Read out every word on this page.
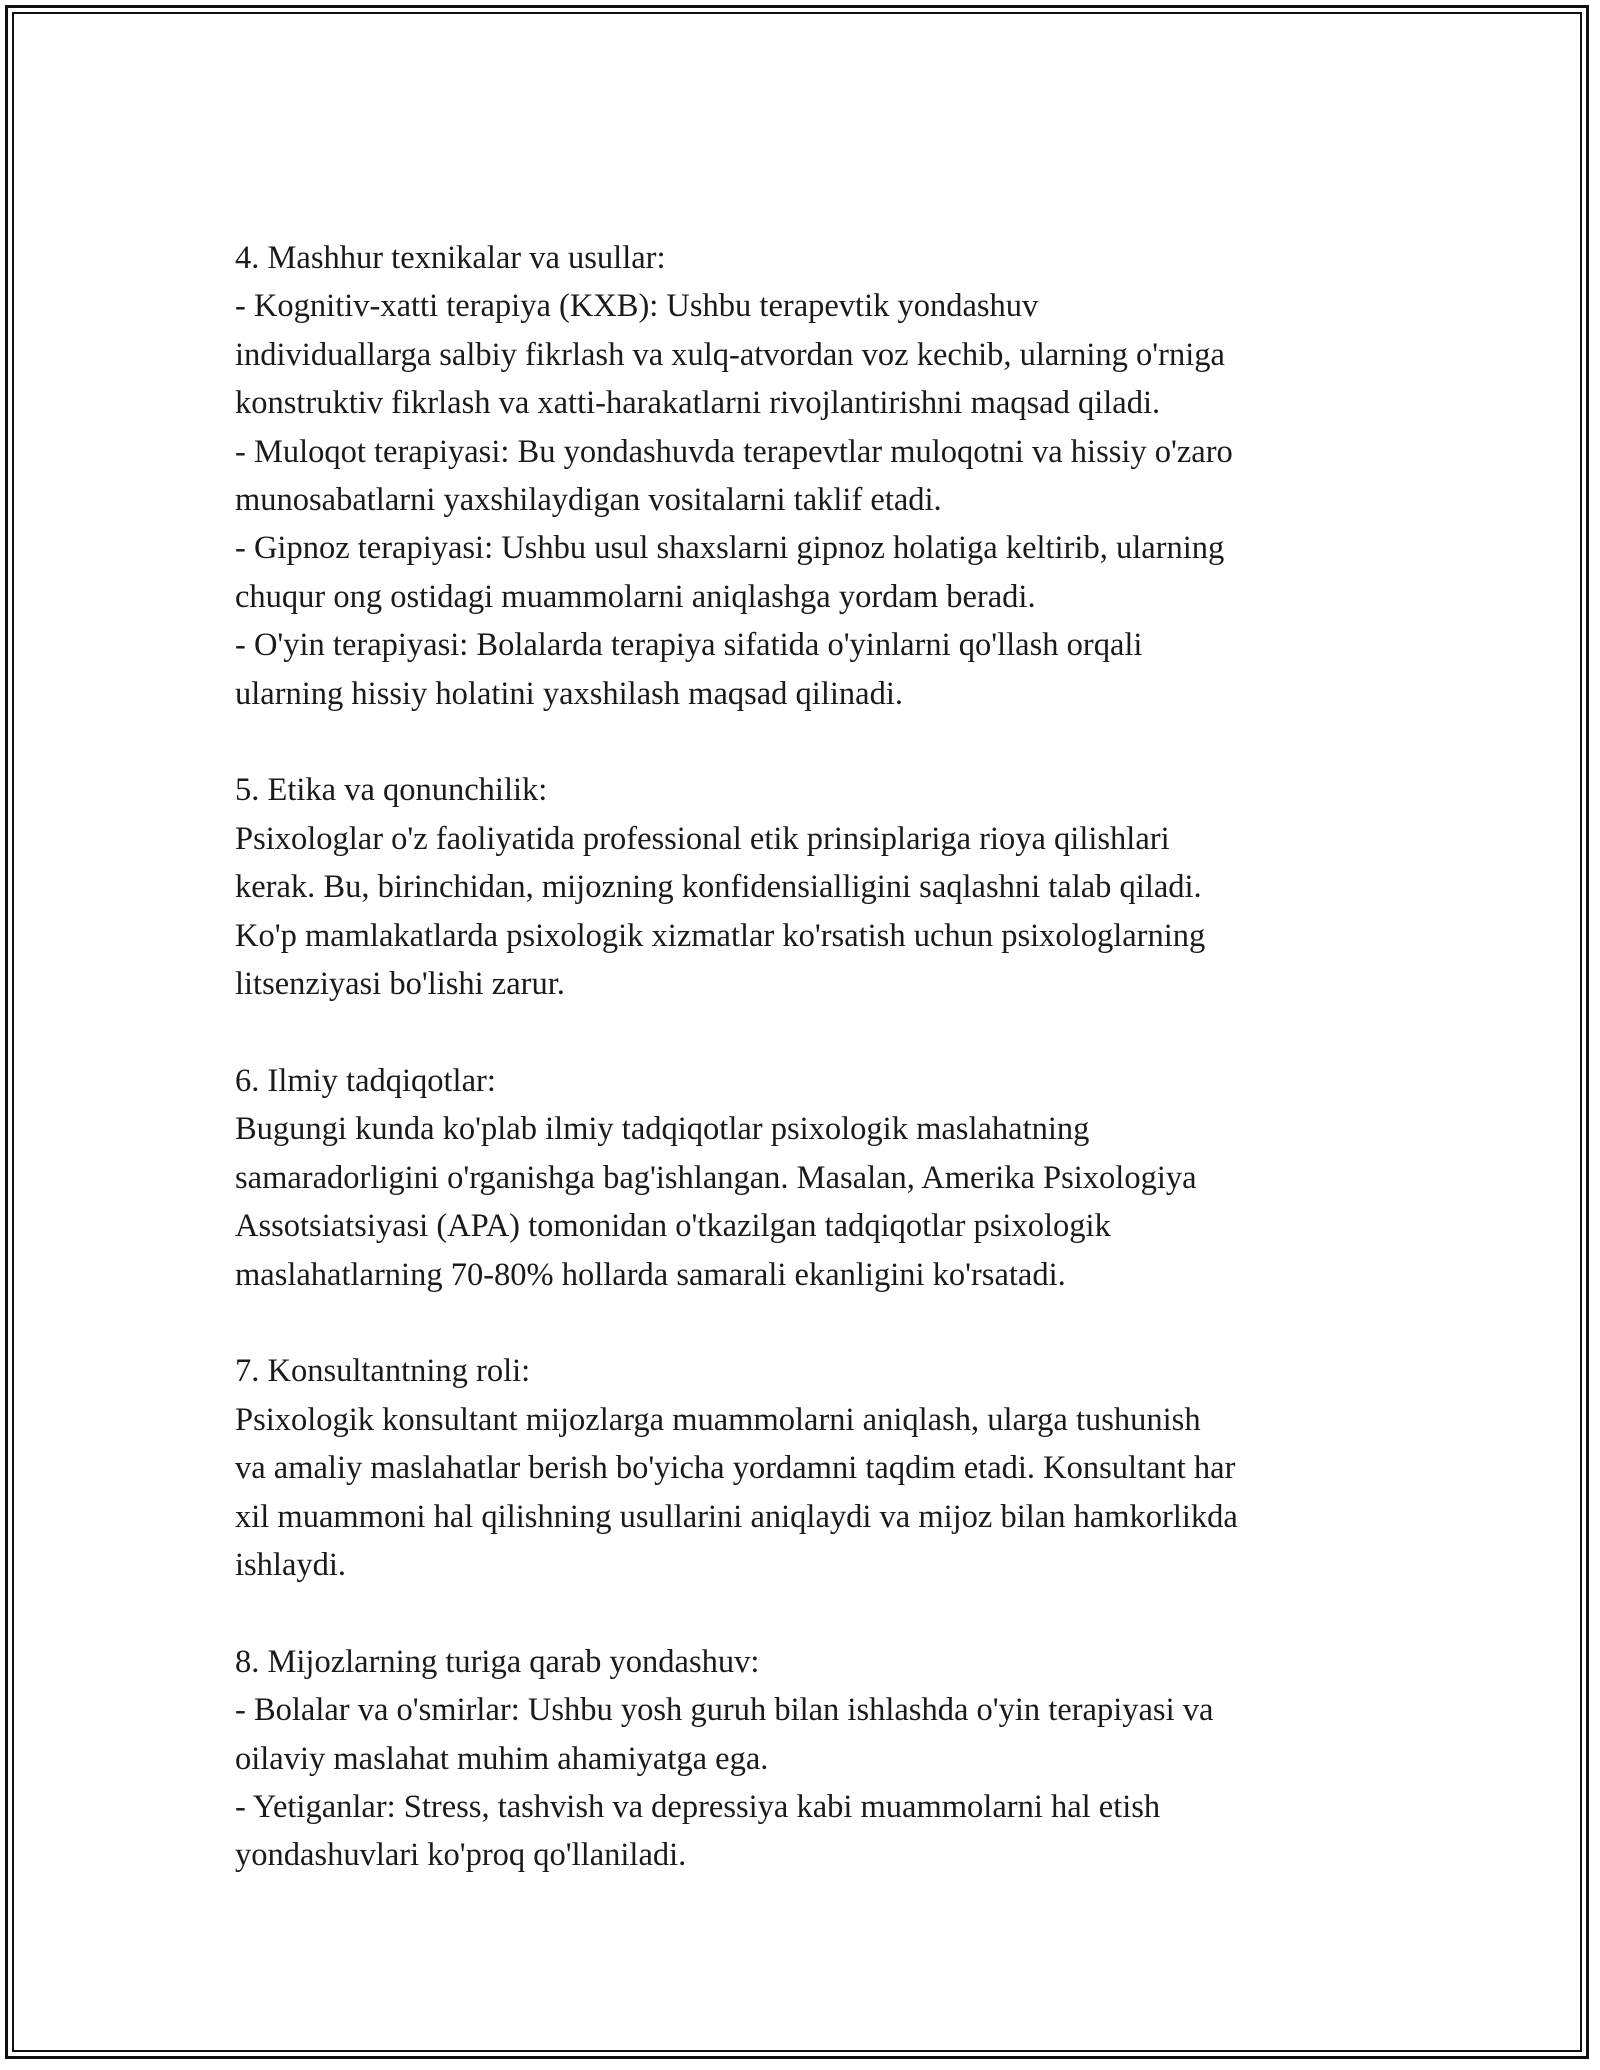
4. Mashhur texnikalar va usullar:
- Kognitiv-xatti terapiya (KXB): Ushbu terapevtik yondashuv
individuallarga salbiy fikrlash va xulq-atvordan voz kechib, ularning o'rniga
konstruktiv fikrlash va xatti-harakatlarni rivojlantirishni maqsad qiladi.
- Muloqot terapiyasi: Bu yondashuvda terapevtlar muloqotni va hissiy o'zaro
munosabatlarni yaxshilaydigan vositalarni taklif etadi.
- Gipnoz terapiyasi: Ushbu usul shaxslarni gipnoz holatiga keltirib, ularning
chuqur ong ostidagi muammolarni aniqlashga yordam beradi.
- O'yin terapiyasi: Bolalarda terapiya sifatida o'yinlarni qo'llash orqali
ularning hissiy holatini yaxshilash maqsad qilinadi.
5. Etika va qonunchilik:
Psixologlar o'z faoliyatida professional etik prinsiplariga rioya qilishlari
kerak. Bu, birinchidan, mijozning konfidensialligini saqlashni talab qiladi.
Ko'p mamlakatlarda psixologik xizmatlar ko'rsatish uchun psixologlarning
litsenziyasi bo'lishi zarur.
6. Ilmiy tadqiqotlar:
Bugungi kunda ko'plab ilmiy tadqiqotlar psixologik maslahatning
samaradorligini o'rganishga bag'ishlangan. Masalan, Amerika Psixologiya
Assotsiatsiyasi (APA) tomonidan o'tkazilgan tadqiqotlar psixologik
maslahatlarning 70-80% hollarda samarali ekanligini ko'rsatadi.
7. Konsultantning roli:
Psixologik konsultant mijozlarga muammolarni aniqlash, ularga tushunish
va amaliy maslahatlar berish bo'yicha yordamni taqdim etadi. Konsultant har
xil muammoni hal qilishning usullarini aniqlaydi va mijoz bilan hamkorlikda
ishlaydi.
8. Mijozlarning turiga qarab yondashuv:
- Bolalar va o'smirlar: Ushbu yosh guruh bilan ishlashda o'yin terapiyasi va
oilaviy maslahat muhim ahamiyatga ega.
- Yetiganlar: Stress, tashvish va depressiya kabi muammolarni hal etish
yondashuvlari ko'proq qo'llaniladi.
